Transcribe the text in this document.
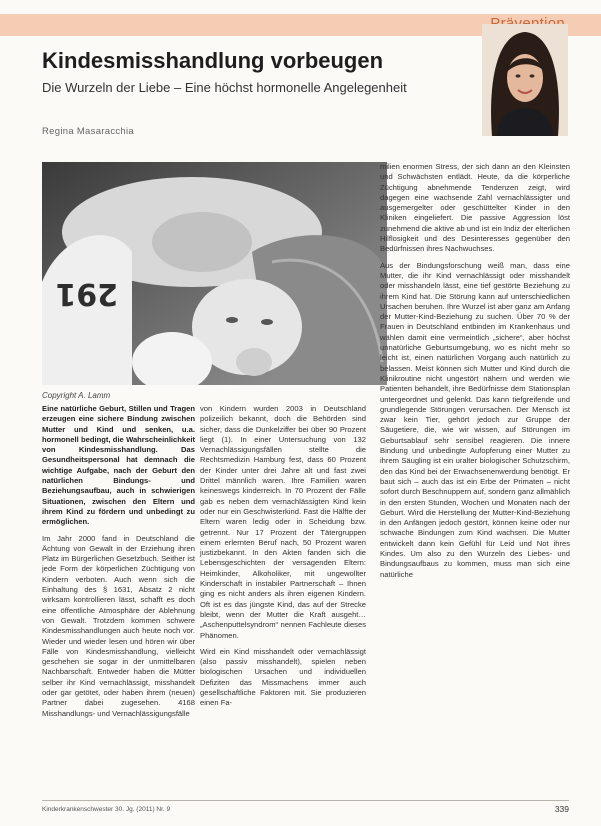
Kindesmisshandlung vorbeugen
Die Wurzeln der Liebe – Eine höchst hormonelle Angelegenheit
Regina Masaracchia
291
Copyright A. Lamm

Eine natürliche Geburt, Stillen und Tragen erzeugen eine sichere Bindung zwischen Mutter und Kind und senken, u.a. hormonell bedingt, die Wahrscheinlichkeit von Kindesmisshandlung. Das Gesundheitspersonal hat demnach die wichtige Aufgabe, nach der Geburt den natürlichen Bindungs- und Beziehungsaufbau, auch in schwierigen Situationen, zwischen den Eltern und ihrem Kind zu fördern und unbedingt zu ermöglichen.

Im Jahr 2000 fand in Deutschland die Ächtung von Gewalt in der Erziehung ihren Platz im Bürgerlichen Gesetzbuch. Seither ist jede Form der körperlichen Züchtigung von Kindern verboten. Auch wenn sich die Einhaltung des § 1631, Absatz 2 nicht wirksam kontrollieren lässt, schafft es doch eine öffentliche Atmosphäre der Ablehnung von Gewalt. Trotzdem kommen schwere Kindesmisshandlungen auch heute noch vor. Wieder und wieder lesen und hören wir über Fälle von Kindesmisshandlung, vielleicht geschehen sie sogar in der unmittelbaren Nachbarschaft. Entweder haben die Mütter selber ihr Kind vernachlässigt, misshandelt oder gar getötet, oder haben ihrem (neuen) Partner dabei zugesehen. 4168 Misshandlungs- und Vernachlässigungsfälle

von Kindern wurden 2003 in Deutschland polizeilich bekannt, doch die Behörden sind sicher, dass die Dunkelziffer bei über 90 Prozent liegt (1). In einer Untersuchung von 132 Vernachlässigungsfällen stellte die Rechtsmedizin Hamburg fest, dass 60 Prozent der Kinder unter drei Jahre alt und fast zwei Drittel männlich waren. Ihre Familien waren keineswegs kinderreich. In 70 Prozent der Fälle gab es neben dem vernachlässigten Kind kein oder nur ein Geschwisterkind. Fast die Hälfte der Eltern waren ledig oder in Scheidung bzw. getrennt. Nur 17 Prozent der Tätergruppen einem erlernten Beruf nach, 50 Prozent waren justizbekannt. In den Akten fanden sich die Lebensgeschichten der versagenden Eltern: Heimkinder, Alkoholiker, mit ungewollter Kinderschaft in instabiler Partnerschaft – Ihnen ging es nicht anders als ihren eigenen Kindern. Oft ist es das jüngste Kind, das auf der Strecke bleibt, wenn der Mutter die Kraft ausgeht… „Aschenputtelsyndrom“ nennen Fachleute dieses Phänomen.

Wird ein Kind misshandelt oder vernachlässigt (also passiv misshandelt), spielen neben biologischen Ursachen und individuellen Defiziten das Missmachens immer auch gesellschaftliche Faktoren mit. Sie produzieren einen Fa-

milien enormen Stress, der sich dann an den Kleinsten und Schwächsten entlädt. Heute, da die körperliche Züchtigung abnehmende Tendenzen zeigt, wird dagegen eine wachsende Zahl vernachlässigter und ausgemergelter oder geschüttelter Kinder in den Kliniken eingeliefert. Die passive Aggression löst zunehmend die aktive ab und ist ein Indiz der elterlichen Hilflosigkeit und des Desinteresses gegenüber den Bedürfnissen ihres Nachwuchses.

Aus der Bindungsforschung weiß man, dass eine Mutter, die ihr Kind vernachlässigt oder misshandelt oder misshandeln lässt, eine tief gestörte Beziehung zu ihrem Kind hat. Die Störung kann auf unterschiedlichen Ursachen beruhen. Ihre Wurzel ist aber ganz am Anfang der Mutter-Kind-Beziehung zu suchen. Über 70 % der Frauen in Deutschland entbinden im Krankenhaus und wählen damit eine vermeintlich „sichere“, aber höchst unnatürliche Geburtsumgebung, wo es nicht mehr so leicht ist, einen natürlichen Vorgang auch natürlich zu belassen. Meist können sich Mutter und Kind durch die Klinikroutine nicht ungestört nähern und werden wie Patienten behandelt, ihre Bedürfnisse dem Stationsplan untergeordnet und gelenkt. Das kann tiefgreifende und grundlegende Störungen verursachen. Der Mensch ist zwar kein Tier, gehört jedoch zur Gruppe der Säugetiere, die, wie wir wissen, auf Störungen im Geburtsablauf sehr sensibel reagieren. Die innere Bindung und unbedingte Aufopferung einer Mutter zu ihrem Säugling ist ein uralter biologischer Schutzschirm, den das Kind bei der Erwachsenenwerdung benötigt. Er baut sich – auch das ist ein Erbe der Primaten – nicht sofort durch Beschnuppern auf, sondern ganz allmählich in den ersten Stunden, Wochen und Monaten nach der Geburt. Wird die Herstellung der Mutter-Kind-Beziehung in den Anfängen jedoch gestört, können keine oder nur schwache Bindungen zum Kind wachsen. Die Mutter entwickelt dann kein Gefühl für Leid und Not ihres Kindes. Um also zu den Wurzeln des Liebes- und Bindungsaufbaus zu kommen, muss man sich eine natürliche

Kinderkrankenschwester 30. Jg. (2011) Nr. 9	339
